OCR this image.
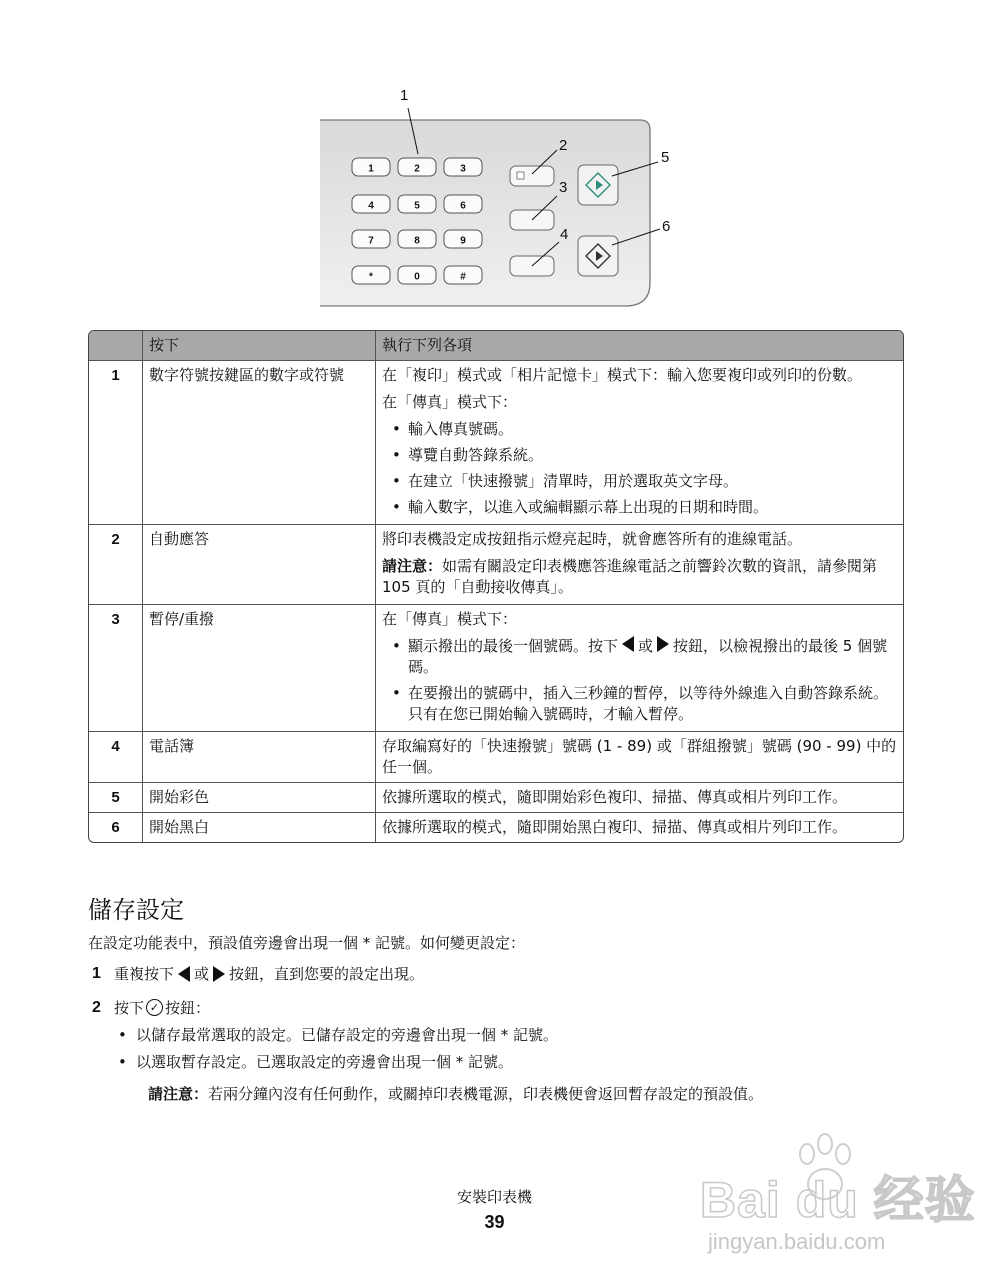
1	2	3
4	5	6
7	8	9
*	0	#
1
2
3
4
5
6
按下	執行下列各項
1	數字符號按鍵區的數字或符號	在「複印」模式或「相片記憶卡」模式下：輸入您要複印或列印的份數。

在「傳真」模式下：

• 輸入傳真號碼。
• 導覽自動答錄系統。
• 在建立「快速撥號」清單時，用於選取英文字母。
• 輸入數字，以進入或編輯顯示幕上出現的日期和時間。
2	自動應答	將印表機設定成按鈕指示燈亮起時，就會應答所有的進線電話。

請注意：如需有關設定印表機應答進線電話之前響鈴次數的資訊，請參閱第 105 頁的「自動接收傳真」。

3	暫停/重撥	在「傳真」模式下：

• 顯示撥出的最後一個號碼。按下 或 按鈕，以檢視撥出的最後 5 個號碼。
• 在要撥出的號碼中，插入三秒鐘的暫停，以等待外線進入自動答錄系統。只有在您已開始輸入號碼時，才輸入暫停。
4	電話簿	存取編寫好的「快速撥號」號碼 (1 - 89) 或「群組撥號」號碼 (90 - 99) 中的任一個。
5	開始彩色	依據所選取的模式，隨即開始彩色複印、掃描、傳真或相片列印工作。
6	開始黑白	依據所選取的模式，隨即開始黑白複印、掃描、傳真或相片列印工作。
儲存設定

在設定功能表中，預設值旁邊會出現一個 * 記號。如何變更設定：

1 重複按下 或 按鈕，直到您要的設定出現。
2 按下 ✓ 按鈕：
• 以儲存最常選取的設定。已儲存設定的旁邊會出現一個 * 記號。
• 以選取暫存設定。已選取設定的旁邊會出現一個 * 記號。

請注意：若兩分鐘內沒有任何動作，或關掉印表機電源，印表機便會返回暫存設定的預設值。

安裝印表機

39	Bai du 经验
jingyan.baidu.com
